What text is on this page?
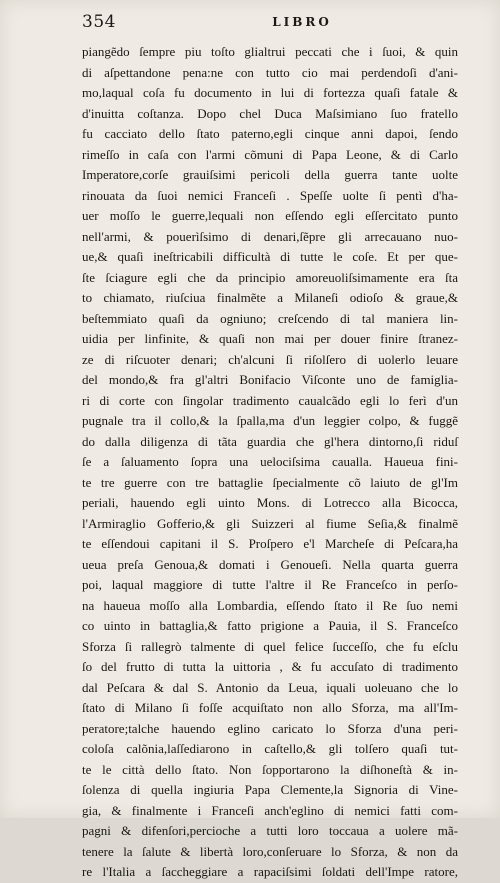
354	LIBRO
piangẽdo ſempre piu toſto glialtrui peccati che i ſuoi, & quin
di aſpettandone pena:ne con tutto cio mai perdendoſi d'ani-
mo,laqual coſa fu documento in lui di fortezza quaſi fatale &
d'inuitta coſtanza. Dopo chel Duca Maſsimiano ſuo fratello
fu cacciato dello ſtato paterno,egli cinque anni dapoi, ſendo
rimeſſo in caſa con l'armi cõmuni di Papa Leone, & di Carlo
Imperatore,corſe grauiſsimi pericoli della guerra tante uolte
rinouata da ſuoi nemici Franceſi . Speſſe uolte ſi pentì d'ha-
uer moſſo le guerre,lequali non eſſendo egli eſſercitato punto
nell'armi, & pouerìſsimo di denari,ſẽpre gli arrecauano nuo-
ue,& quaſi ineſtricabili difficultà di tutte le coſe. Et per que-
ſte ſciagure egli che da principio amoreuoliſsimamente era ſta
to chiamato, riuſciua finalmẽte a Milaneſi odioſo & graue,&
beſtemmiato quaſi da ogniuno; creſcendo di tal maniera lin-
uidia per linfinite, & quaſi non mai per douer finire ſtranez-
ze di riſcuoter denari; ch'alcuni ſi riſolſero di uolerlo leuare
del mondo,& fra gl'altri Bonifacio Viſconte uno de famiglia-
ri di corte con ſingolar tradimento caualcãdo egli lo ferì d'un
pugnale tra il collo,& la ſpalla,ma d'un leggier colpo, & fuggẽ
do dalla diligenza di tãta guardia che gl'hera dintorno,ſi riduſ
ſe a ſaluamento ſopra una uelociſsima caualla. Haueua fini-
te tre guerre con tre battaglie ſpecialmente cõ laiuto de gl'Im
periali, hauendo egli uinto Mons. di Lotrecco alla Bicocca,
l'Armiraglio Gofferio,& gli Suizzeri al fiume Seſia,& finalmẽ
te eſſendoui capitani il S. Proſpero e'l Marcheſe di Peſcara,ha
ueua preſa Genoua,& domati i Genoueſi. Nella quarta guerra
poi, laqual maggiore di tutte l'altre il Re Franceſco in perſo-
na haueua moſſo alla Lombardia, eſſendo ſtato il Re ſuo nemi
co uinto in battaglia,& fatto prigione a Pauia, il S. Franceſco
Sforza ſi rallegrò talmente di quel felice ſucceſſo, che fu eſclu
ſo del frutto di tutta la uittoria , & fu accuſato di tradimento
dal Peſcara & dal S. Antonio da Leua, iquali uoleuano che lo
ſtato di Milano ſi foſſe acquiſtato non allo Sforza, ma all'Im-
peratore;talche hauendo eglino caricato lo Sforza d'una peri-
coloſa calõnia,laſſediarono in caſtello,& gli tolſero quaſi tut-
te le città dello ſtato. Non ſopportarono la diſhoneſtà & in-
ſolenza di quella ingiuria Papa Clemente,la Signoria di Vine-
gia, & finalmente i Franceſi anch'eglino di nemici fatti com-
pagni & difenſori,percioche a tutti loro toccaua a uolere mã-
tenere la ſalute & libertà loro,conſeruare lo Sforza, & non da
re l'Italia a ſaccheggiare a rapaciſsimi ſoldati dell'Impe ratore,
